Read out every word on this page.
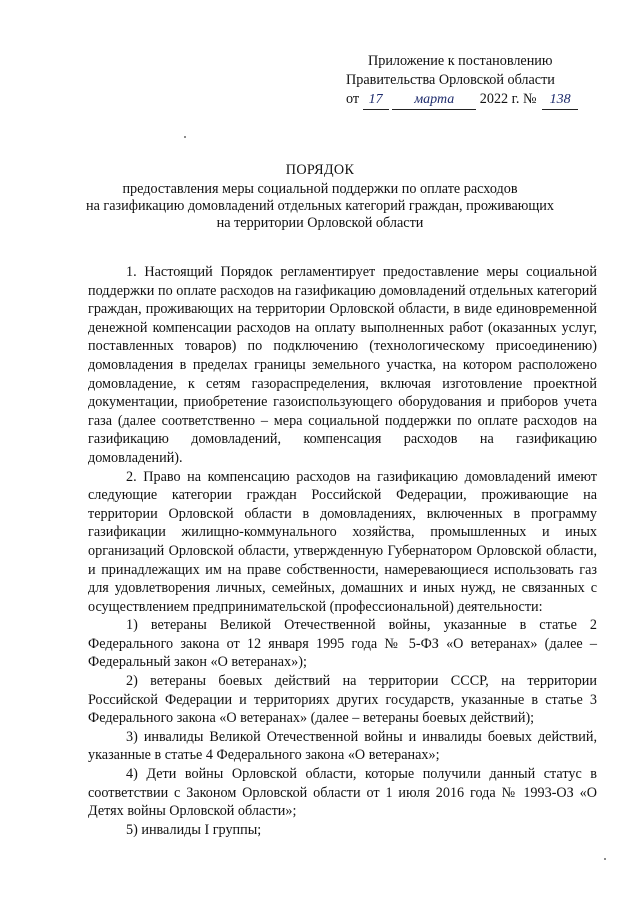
Приложение к постановлению
Правительства Орловской области
от 17 марта 2022 г. № 138
ПОРЯДОК
предоставления меры социальной поддержки по оплате расходов
на газификацию домовладений отдельных категорий граждан, проживающих
на территории Орловской области

1. Настоящий Порядок регламентирует предоставление меры социальной поддержки по оплате расходов на газификацию домовладений отдельных категорий граждан, проживающих на территории Орловской области, в виде единовременной денежной компенсации расходов на оплату выполненных работ (оказанных услуг, поставленных товаров) по подключению (технологическому присоединению) домовладения в пределах границы земельного участка, на котором расположено домовладение, к сетям газораспределения, включая изготовление проектной документации, приобретение газоиспользующего оборудования и приборов учета газа (далее соответственно – мера социальной поддержки по оплате расходов на газификацию домовладений, компенсация расходов на газификацию домовладений).

2. Право на компенсацию расходов на газификацию домовладений имеют следующие категории граждан Российской Федерации, проживающие на территории Орловской области в домовладениях, включенных в программу газификации жилищно-коммунального хозяйства, промышленных и иных организаций Орловской области, утвержденную Губернатором Орловской области, и принадлежащих им на праве собственности, намеревающиеся использовать газ для удовлетворения личных, семейных, домашних и иных нужд, не связанных с осуществлением предпринимательской (профессиональной) деятельности:

1) ветераны Великой Отечественной войны, указанные в статье 2 Федерального закона от 12 января 1995 года № 5-ФЗ «О ветеранах» (далее – Федеральный закон «О ветеранах»);

2) ветераны боевых действий на территории СССР, на территории Российской Федерации и территориях других государств, указанные в статье 3 Федерального закона «О ветеранах» (далее – ветераны боевых действий);

3) инвалиды Великой Отечественной войны и инвалиды боевых действий, указанные в статье 4 Федерального закона «О ветеранах»;

4) Дети войны Орловской области, которые получили данный статус в соответствии с Законом Орловской области от 1 июля 2016 года № 1993-ОЗ «О Детях войны Орловской области»;

5) инвалиды I группы;
